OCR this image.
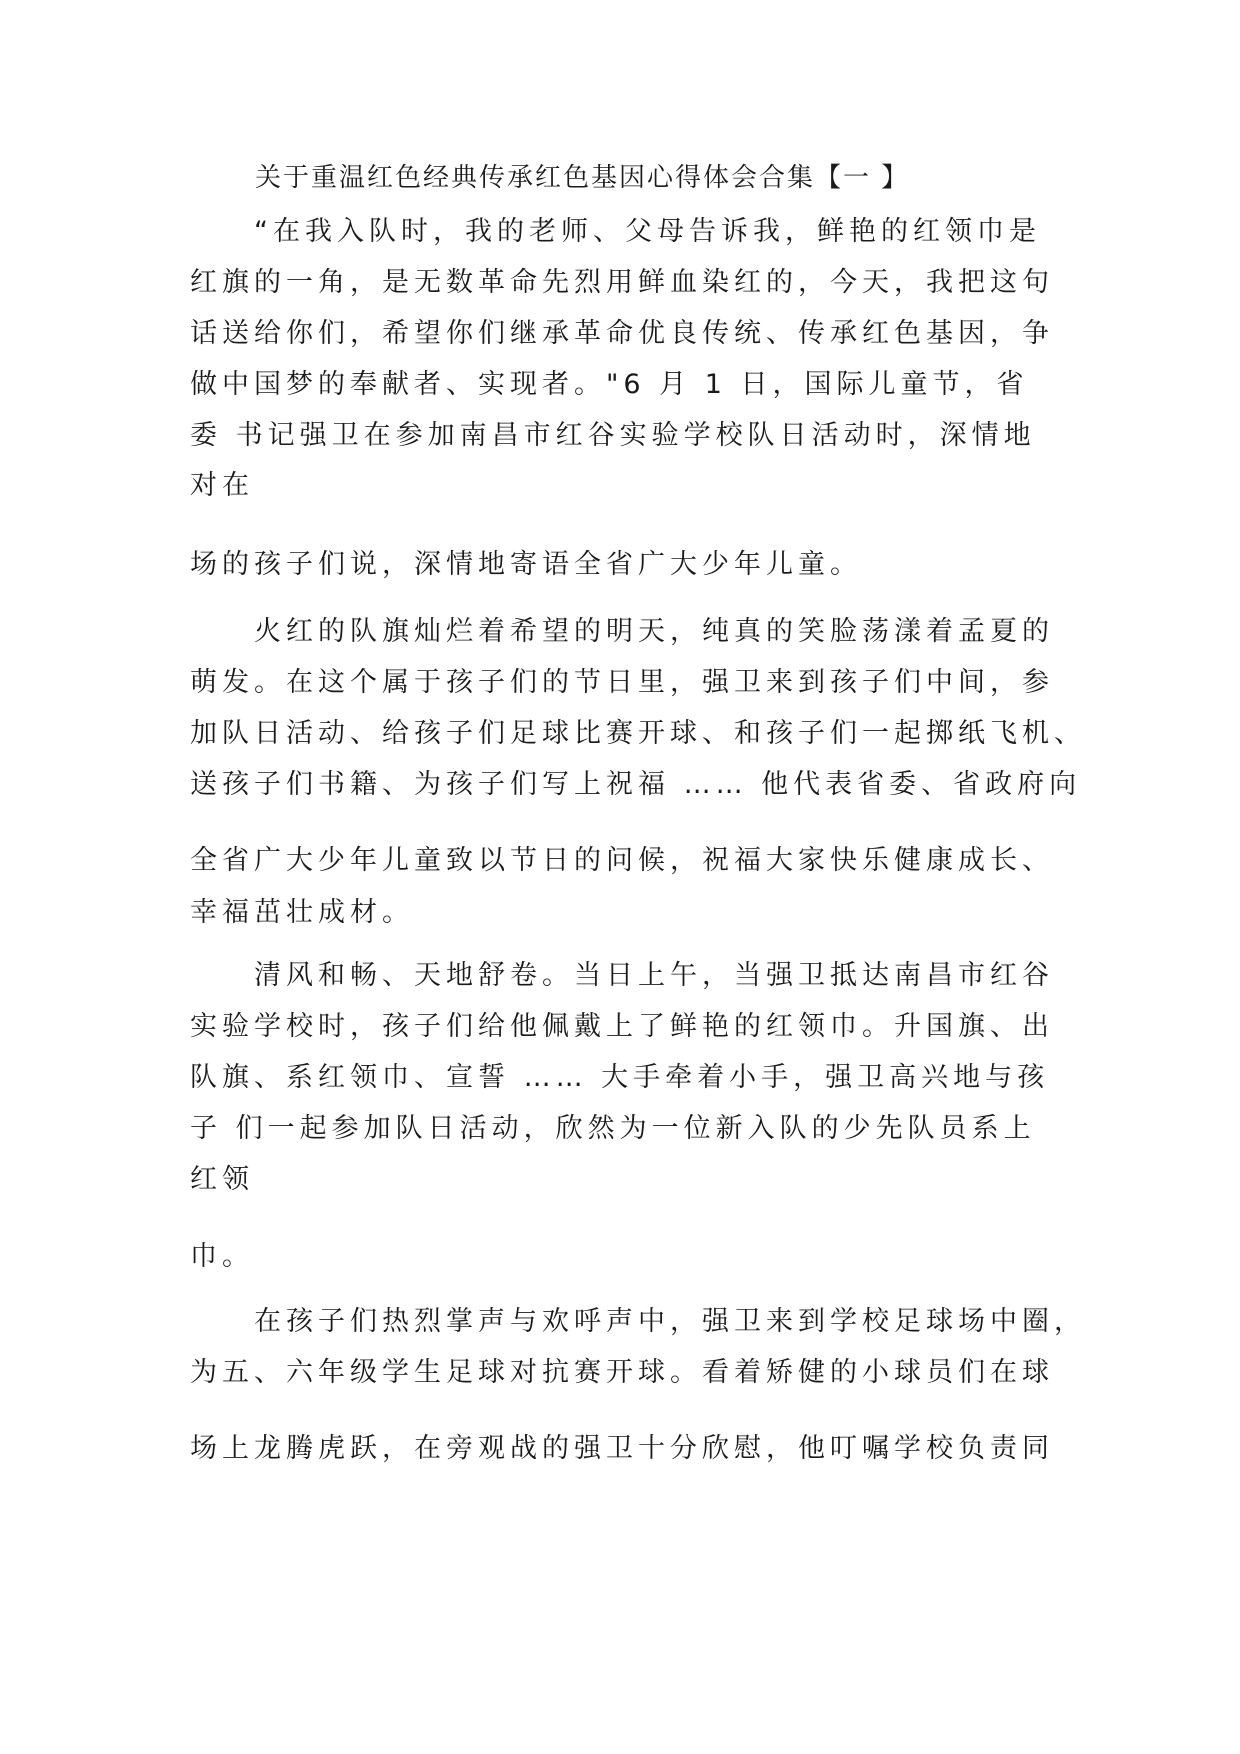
关于重温红色经典传承红色基因心得体会合集【一 】
　　“在我入队时，我的老师、父母告诉我，鲜艳的红领巾是
红旗的一角，是无数革命先烈用鲜血染红的，今天，我把这句
话送给你们，希望你们继承革命优良传统、传承红色基因，争
做中国梦的奉献者、实现者。"6 月 1 日，国际儿童节，省
委 书记强卫在参加南昌市红谷实验学校队日活动时，深情地
对在
场的孩子们说，深情地寄语全省广大少年儿童。
　　火红的队旗灿烂着希望的明天，纯真的笑脸荡漾着孟夏的
萌发。在这个属于孩子们的节日里，强卫来到孩子们中间，参
加队日活动、给孩子们足球比赛开球、和孩子们一起掷纸飞机、
送孩子们书籍、为孩子们写上祝福 …… 他代表省委、省政府向
全省广大少年儿童致以节日的问候，祝福大家快乐健康成长、
幸福茁壮成材。
　　清风和畅、天地舒卷。当日上午，当强卫抵达南昌市红谷
实验学校时，孩子们给他佩戴上了鲜艳的红领巾。升国旗、出
队旗、系红领巾、宣誓 …… 大手牵着小手，强卫高兴地与孩
子 们一起参加队日活动，欣然为一位新入队的少先队员系上
红领
巾。
　　在孩子们热烈掌声与欢呼声中，强卫来到学校足球场中圈，
为五、六年级学生足球对抗赛开球。看着矫健的小球员们在球
场上龙腾虎跃，在旁观战的强卫十分欣慰，他叮嘱学校负责同
